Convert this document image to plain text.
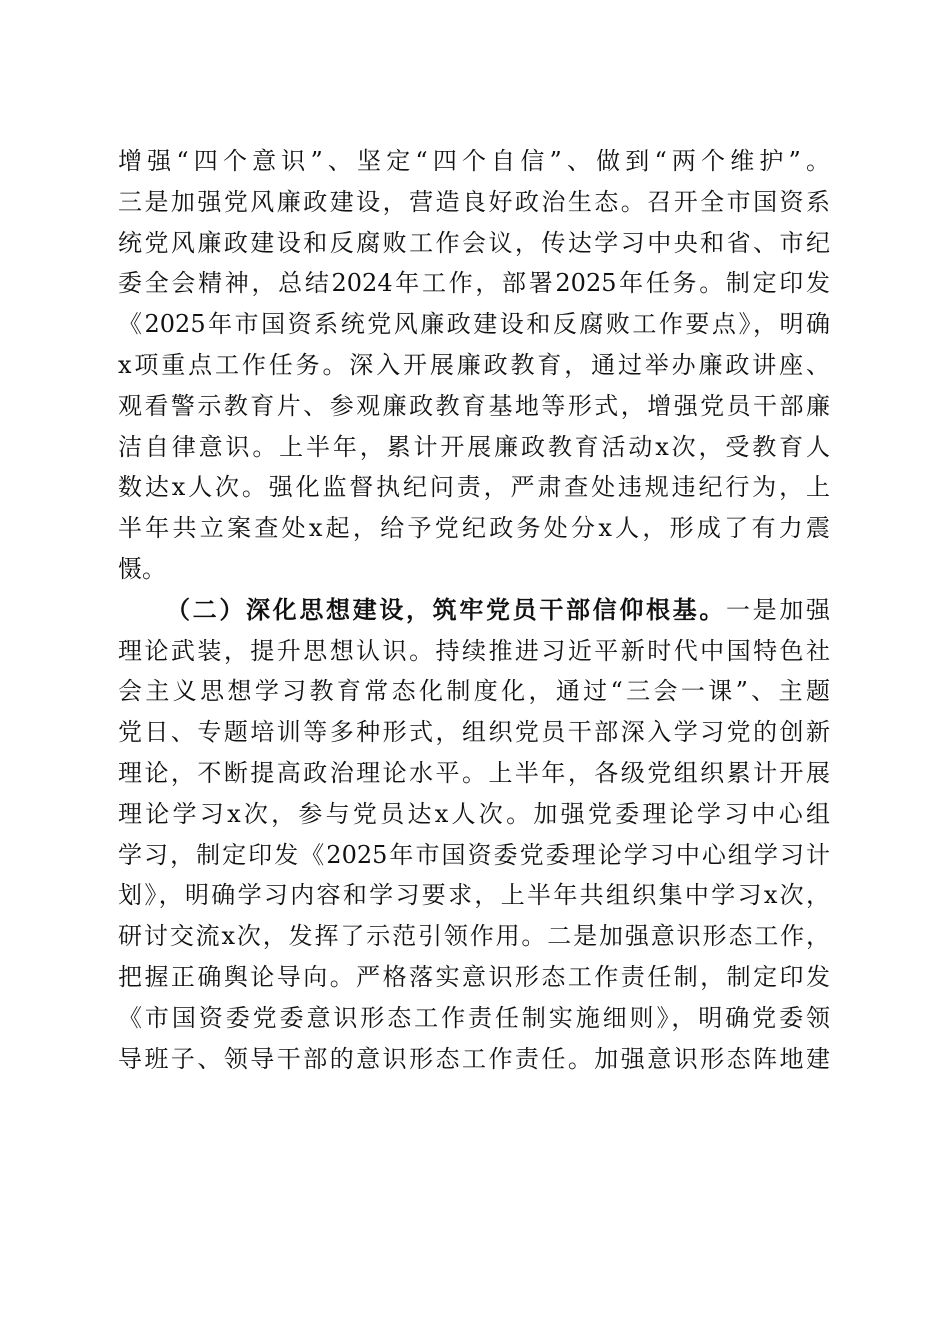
增强“四个意识”、坚定“四个自信”、做到“两个维护”。
三是加强党风廉政建设，营造良好政治生态。召开全市国资系
统党风廉政建设和反腐败工作会议，传达学习中央和省、市纪
委全会精神，总结2024年工作，部署2025年任务。制定印发
《2025年市国资系统党风廉政建设和反腐败工作要点》，明确
x项重点工作任务。深入开展廉政教育，通过举办廉政讲座、
观看警示教育片、参观廉政教育基地等形式，增强党员干部廉
洁自律意识。上半年，累计开展廉政教育活动x次，受教育人
数达x人次。强化监督执纪问责，严肃查处违规违纪行为，上
半年共立案查处x起，给予党纪政务处分x人，形成了有力震
慑。
（二）深化思想建设，筑牢党员干部信仰根基。一是加强
理论武装，提升思想认识。持续推进习近平新时代中国特色社
会主义思想学习教育常态化制度化，通过“三会一课”、主题
党日、专题培训等多种形式，组织党员干部深入学习党的创新
理论，不断提高政治理论水平。上半年，各级党组织累计开展
理论学习x次，参与党员达x人次。加强党委理论学习中心组
学习，制定印发《2025年市国资委党委理论学习中心组学习计
划》，明确学习内容和学习要求，上半年共组织集中学习x次，
研讨交流x次，发挥了示范引领作用。二是加强意识形态工作，
把握正确舆论导向。严格落实意识形态工作责任制，制定印发
《市国资委党委意识形态工作责任制实施细则》，明确党委领
导班子、领导干部的意识形态工作责任。加强意识形态阵地建
